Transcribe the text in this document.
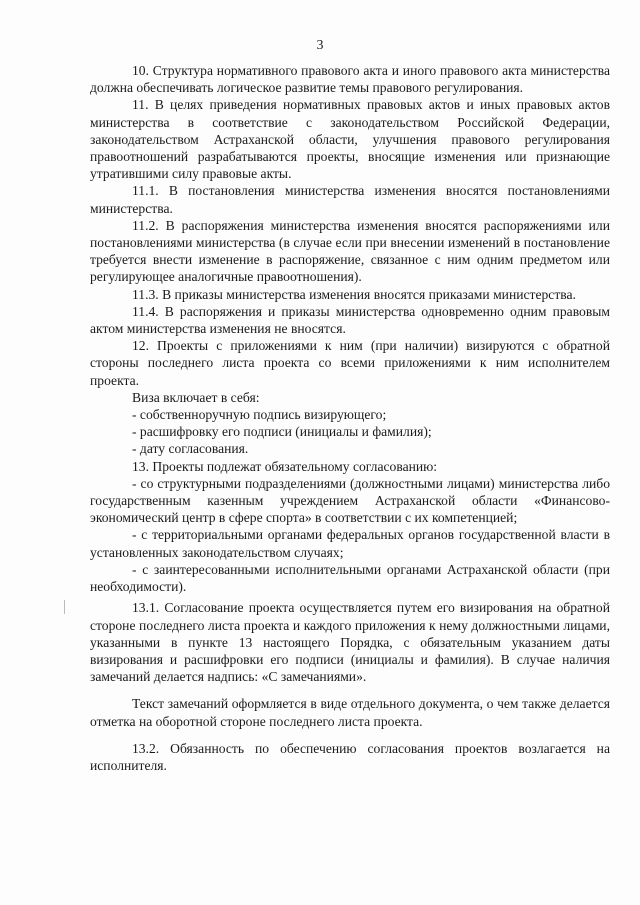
3

10. Структура нормативного правового акта и иного правового акта министерства должна обеспечивать логическое развитие темы правового регулирования.

11. В целях приведения нормативных правовых актов и иных правовых актов министерства в соответствие с законодательством Российской Федерации, законодательством Астраханской области, улучшения правового регулирования правоотношений разрабатываются проекты, вносящие изменения или признающие утратившими силу правовые акты.

11.1. В постановления министерства изменения вносятся постановлениями министерства.

11.2. В распоряжения министерства изменения вносятся распоряжениями или постановлениями министерства (в случае если при внесении изменений в постановление требуется внести изменение в распоряжение, связанное с ним одним предметом или регулирующее аналогичные правоотношения).

11.3. В приказы министерства изменения вносятся приказами министерства.

11.4. В распоряжения и приказы министерства одновременно одним правовым актом министерства изменения не вносятся.

12. Проекты с приложениями к ним (при наличии) визируются с обратной стороны последнего листа проекта со всеми приложениями к ним исполнителем проекта.

Виза включает в себя:

- собственноручную подпись визирующего;

- расшифровку его подписи (инициалы и фамилия);

- дату согласования.

13. Проекты подлежат обязательному согласованию:

- со структурными подразделениями (должностными лицами) министерства либо государственным казенным учреждением Астраханской области «Финансово-экономический центр в сфере спорта» в соответствии с их компетенцией;

- с территориальными органами федеральных органов государственной власти в установленных законодательством случаях;

- с заинтересованными исполнительными органами Астраханской области (при необходимости).

13.1. Согласование проекта осуществляется путем его визирования на обратной стороне последнего листа проекта и каждого приложения к нему должностными лицами, указанными в пункте 13 настоящего Порядка, с обязательным указанием даты визирования и расшифровки его подписи (инициалы и фамилия). В случае наличия замечаний делается надпись: «С замечаниями».

Текст замечаний оформляется в виде отдельного документа, о чем также делается отметка на оборотной стороне последнего листа проекта.

13.2. Обязанность по обеспечению согласования проектов возлагается на исполнителя.
